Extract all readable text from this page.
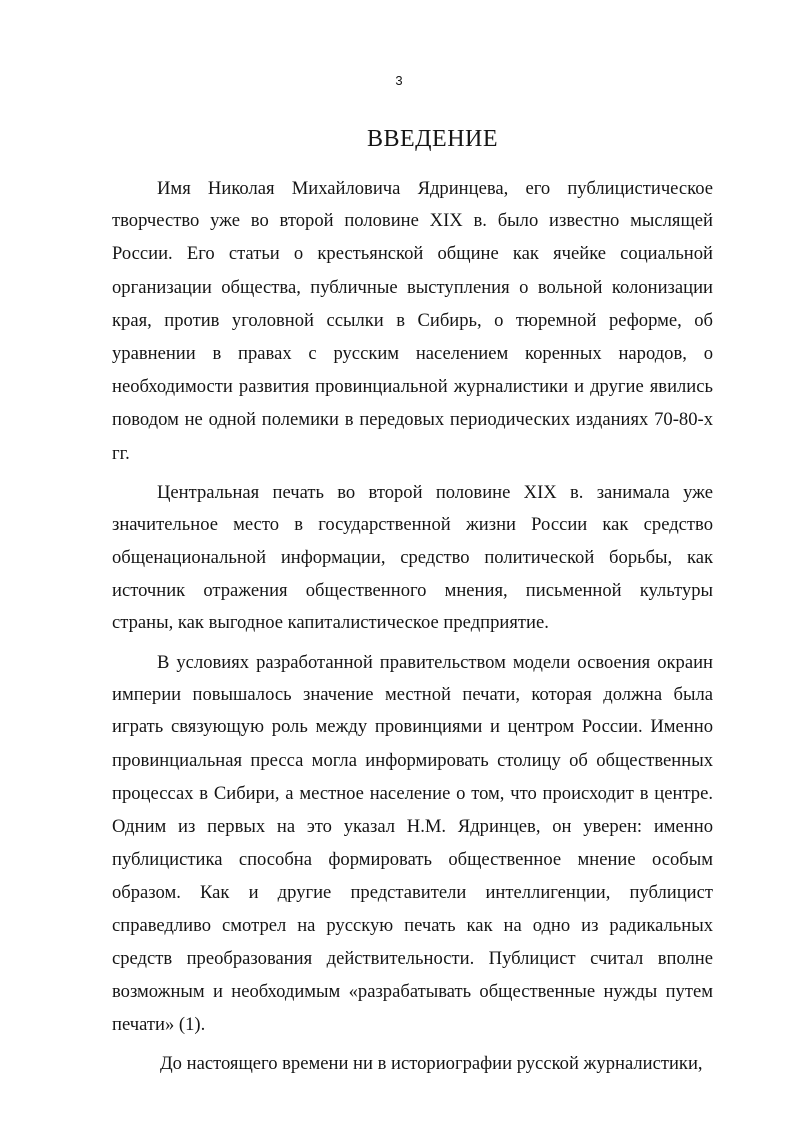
3
ВВЕДЕНИЕ
Имя Николая Михайловича Ядринцева, его публицистическое
творчество уже во второй половине XIX в. было известно мыслящей
России. Его статьи о крестьянской общине как ячейке социальной
организации общества, публичные выступления о вольной колонизации
края, против уголовной ссылки в Сибирь, о тюремной реформе, об
уравнении в правах с русским населением коренных народов, о
необходимости развития провинциальной журналистики и другие явились
поводом не одной полемики в передовых периодических изданиях 70-80-х
гг.
Центральная печать во второй половине XIX в. занимала уже
значительное место в государственной жизни России как средство
общенациональной информации, средство политической борьбы, как
источник отражения общественного мнения, письменной культуры
страны, как выгодное капиталистическое предприятие.
В условиях разработанной правительством модели освоения окраин
империи повышалось значение местной печати, которая должна была
играть связующую роль между провинциями и центром России. Именно
провинциальная пресса могла информировать столицу об общественных
процессах в Сибири, а местное население о том, что происходит в центре.
Одним из первых на это указал Н.М. Ядринцев, он уверен: именно
публицистика способна формировать общественное мнение особым
образом. Как и другие представители интеллигенции, публицист
справедливо смотрел на русскую печать как на одно из радикальных
средств преобразования действительности. Публицист считал вполне
возможным и необходимым «разрабатывать общественные нужды путем
печати» (1).
До настоящего времени ни в историографии русской журналистики,
